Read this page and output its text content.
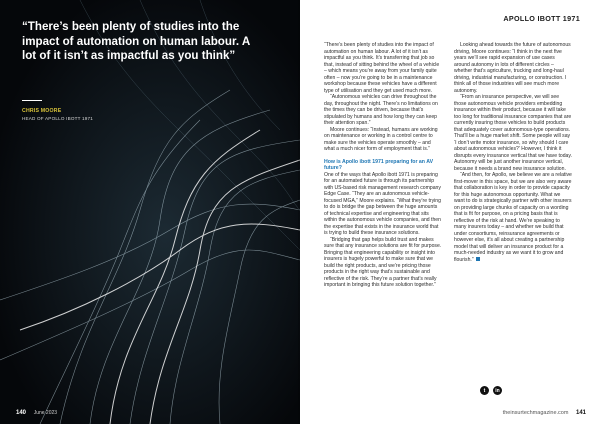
“There’s been plenty of studies into the impact of automation on human labour. A lot of it isn’t as impactful as you think”

CHRIS MOORE
HEAD OF APOLLO IBOTT 1971
140 June 2023
APOLLO IBOTT 1971

“There’s been plenty of studies into the impact of automation on human labour. A lot of it isn’t as impactful as you think. It’s transferring that job so that, instead of sitting behind the wheel of a vehicle – which means you’re away from your family quite often – now you’re going to be in a maintenance workshop because these vehicles have a different type of utilisation and they get used much more.

“Autonomous vehicles can drive throughout the day, throughout the night. There’s no limitations on the times they can be driven, because that’s stipulated by humans and how long they can keep their attention span.”

Moore continues: “Instead, humans are working on maintenance or working in a control centre to make sure the vehicles operate smoothly – and what a much nicer form of employment that is.”

How is Apollo ibott 1971 preparing for an AV future?

One of the ways that Apollo ibott 1971 is preparing for an automated future is through its partnership with US-based risk management research company Edge Case. “They are an autonomous vehicle-focused MGA,” Moore explains. “What they’re trying to do is bridge the gap between the huge amounts of technical expertise and engineering that sits within the autonomous vehicle companies, and then the expertise that exists in the insurance world that is trying to build these insurance solutions.

“Bridging that gap helps build trust and makes sure that any insurance solutions are fit for purpose. Bringing that engineering capability or insight into insurers is hugely powerful to make sure that we build the right products, and we’re pricing those products in the right way that’s sustainable and reflective of the risk. They’re a partner that’s really important in bringing this future solution together.”

Looking ahead towards the future of autonomous driving, Moore continues: “I think in the next five years we’ll see rapid expansion of use cases around autonomy in lots of different circles – whether that’s agriculture, trucking and long-haul driving, industrial manufacturing, or construction. I think all of those industries will see much more autonomy.

“From an insurance perspective, we will see those autonomous vehicle providers embedding insurance within their product, because it will take too long for traditional insurance companies that are currently insuring those vehicles to build products that adequately cover autonomous-type operations. That’ll be a huge market shift. Some people will say ‘I don’t write motor insurance, so why should I care about autonomous vehicles?’ However, I think it disrupts every insurance vertical that we have today. Autonomy will be just another insurance vertical, because it needs a brand new insurance solution.

“And then, for Apollo, we believe we are a relative first-mover in this space, but we are also very aware that collaboration is key in order to provide capacity for this huge autonomous opportunity. What we want to do is strategically partner with other insurers on providing large chunks of capacity on a wording that is fit for purpose, on a pricing basis that is reflective of the risk at hand. We’re speaking to many insurers today – and whether we build that under consortiums, reinsurance agreements or however else, it’s all about creating a partnership model that will deliver an insurance product for a much-needed industry as we want it to grow and flourish.”

t	in
theinsurtechmagazine.com 141
